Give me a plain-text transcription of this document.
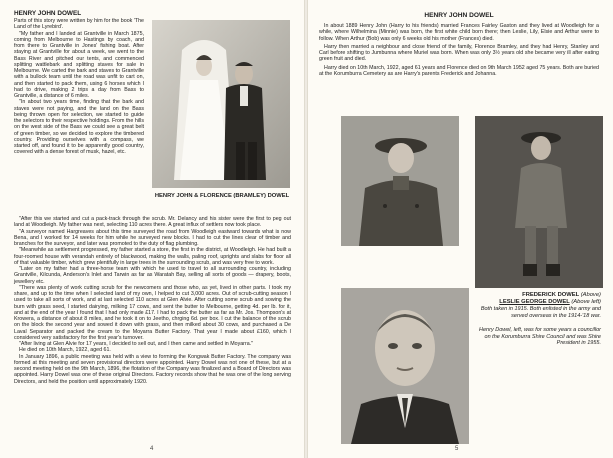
HENRY JOHN DOWEL

Parts of this story were written by him for the book 'The Land of the Lyrebird'.

"My father and I landed at Grantville in March 1875, coming from Melbourne to Hastings by coach, and from there to Grantville in Jones' fishing boat. After staying at Grantville for about a week, we went to the Bass River and pitched our tents, and commenced splitting wattlebark and splitting staves for sale in Melbourne. We carted the bark and staves to Grantville with a bullock team until the road was unfit to cart on, and then started to pack them, using 6 horses which I had to drive, making 2 trips a day from Bass to Grantville, a distance of 6 miles.

"In about two years time, finding that the bark and staves were not paying, and the land on the Bass being thrown open for selection, we started to guide the selectors to their respective holdings. From the hills on the west side of the Bass we could see a great belt of green timber, so we decided to explore the timbered country. Providing ourselves with a compass, we started off, and found it to be apparently good country, covered with a dense forest of musk, hazel, etc.

HENRY JOHN & FLORENCE (BRAMLEY) DOWEL

"After this we started and cut a pack-track through the scrub. Mr. Delancy and his sister were the first to peg out land at Woodleigh. My father was next, selecting 110 acres there. A great influx of settlers now took place.

"A surveyor named Hargreaves about this time surveyed the road from Woodleigh eastward towards what is now Bena, and I worked for 14 weeks for him while he surveyed new blocks. I had to cut the lines clear of timber and branches for the surveyor, and later was promoted to the duty of flag plumbing.

"Meanwhile as settlement progressed, my father started a store, the first in the district, at Woodleigh. He had built a four-roomed house with verandah entirely of blackwood, making the walls, paling roof, uprights and slabs for floor all of that valuable timber, which grew plentifully in large trees in the surrounding scrub, and was very free to work.

"Later on my father had a three-horse team with which he used to travel to all surrounding country, including Grantville, Kilcunda, Anderson's Inlet and Tarwin as far as Waratah Bay, selling all sorts of goods — drapery, boots, jewellery etc.

"There was plenty of work cutting scrub for the newcomers and those who, as yet, lived in other parts. I took my share, and up to the time when I selected land of my own, I helped to cut 3,000 acres. Out of scrub-cutting season I used to take all sorts of work, and at last selected 110 acres at Glen Alvie. After cutting some scrub and sowing the burn with grass seed, I started dairying, milking 17 cows, and sent the butter to Melbourne, getting 4d. per lb. for it, and at the end of the year I found that I had only made £17. I had to pack the butter as far as Mr. Jos. Thompson's at Krowera, a distance of about 8 miles, and he took it on to Jeetho, chrging 6d. per box. I cut the balance of the scrub on the block the second year and sowed it down with grass, and then milked about 30 cows, and purchased a De Laval Separator and packed the cream to the Moyarra Butter Factory. That year I made about £160, which I considered very satisfactory for the first year's turnover.

"After living at Glen Alvie for 17 years, I decided to sell out, and I then came and settled in Moyarra."

He died on 10th March, 1922, aged 61.

In January 1896, a public meeting was held with a view to forming the Kongwak Butter Factory. The company was formed at this meeting and seven provisional directors were appointed. Harry Dowel was not one of these, but at a second meeting held on the 9th March, 1896, the flotation of the Company was finalized and a Board of Directors was appointed. Harry Dowel was one of these original Directors. Factory records show that he was one of the long serving Directors, and held the position until approximately 1920.

4
HENRY JOHN DOWEL

In about 1889 Henry John (Harry to his friends) married Frances Fairley Gaston and they lived at Woodleigh for a while, where Wilhelmina (Minnie) was born, the first white child born there; then Leslie, Lily, Elsie and Arthur were to follow. When Arthur (Bob) was only 6 weeks old his mother (Frances) died.

Harry then married a neighbour and close friend of the family, Florence Bramley, and they had Henry, Stanley and Carl before shifting to Jumbunna where Muriel was born. When was only 3½ years old she became very ill after eating green fruit and died.

Harry died on 10th March, 1922, aged 61 years and Florence died on 9th March 1952 aged 75 years. Both are buried at the Korumburra Cemetery as are Harry's parents Frederick and Johanna.

FREDERICK DOWEL (Above)
LESLIE GEORGE DOWEL (Above left)

Both taken in 1915. Both enlisted in the army and served overseas in the 1914-'18 war.

Henry Dowel, left, was for some years a councillor on the Korumburra Shire Council and was Shire President in 1955.

5
